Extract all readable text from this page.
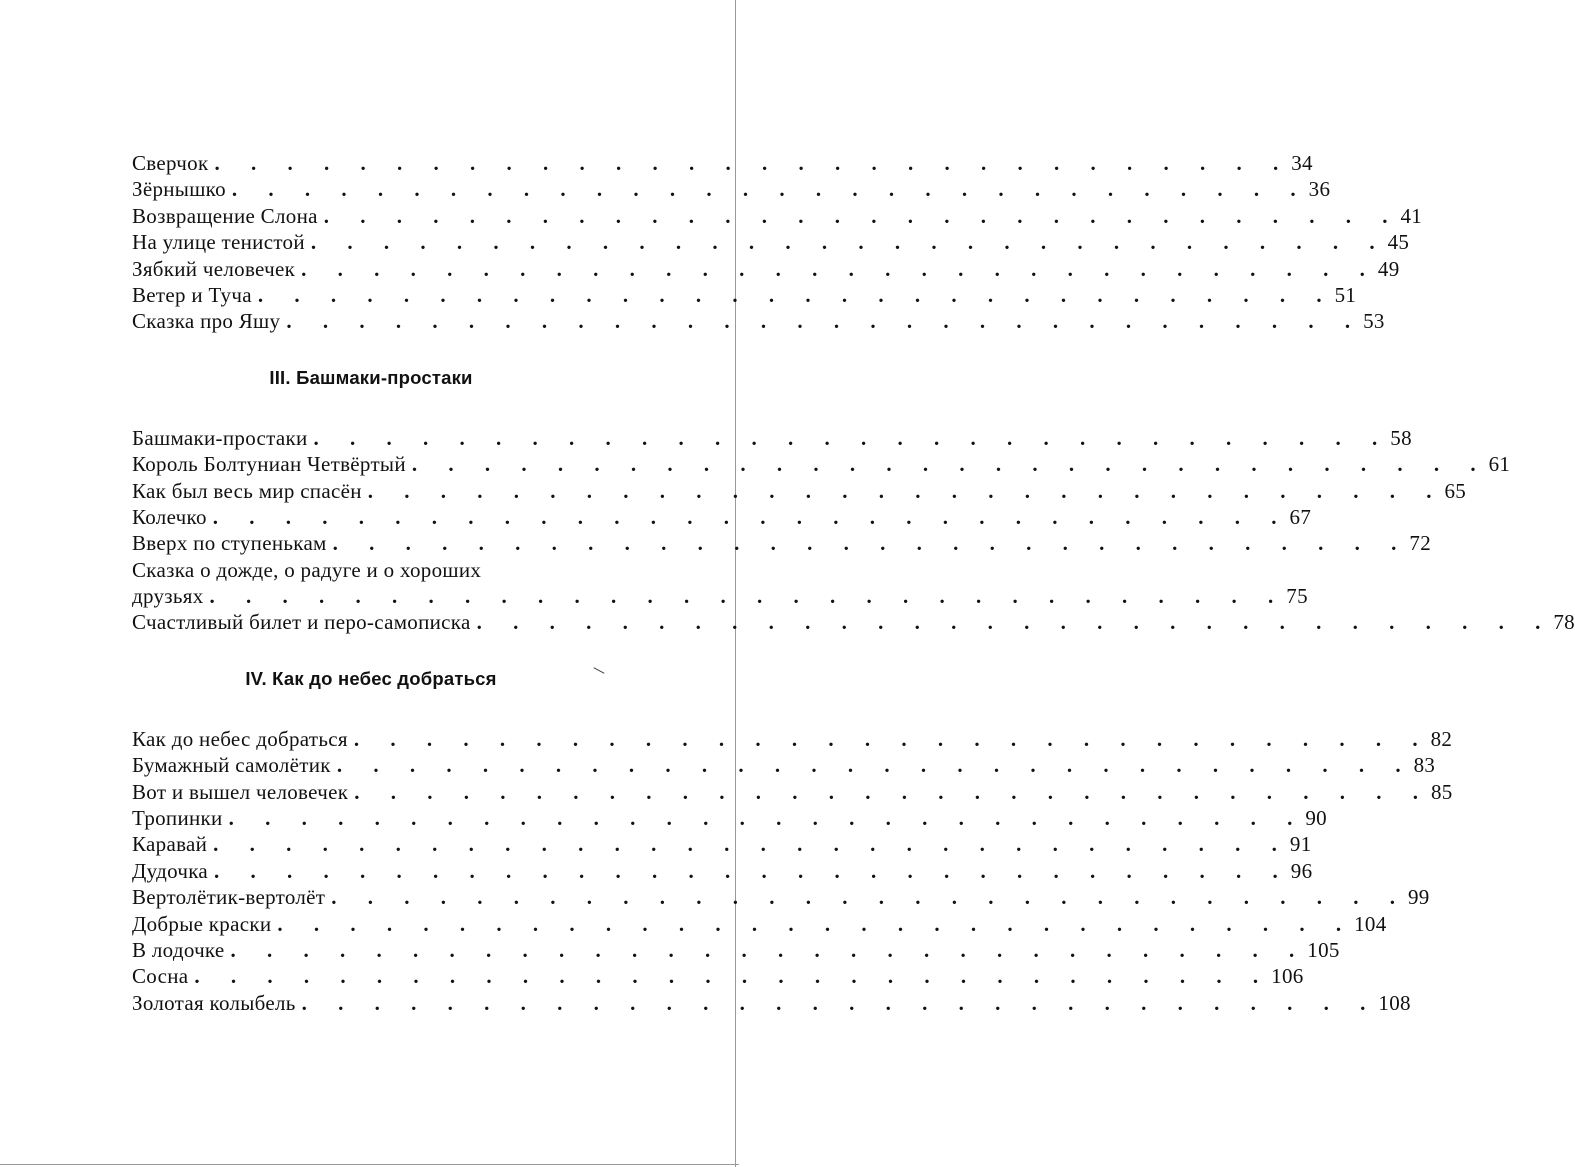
Сверчок . . . . . . . . . . . . . . . . . . . . . . . . . . . . . . 34
Зёрнышко . . . . . . . . . . . . . . . . . . . . . . . . . . . . . . 36
Возвращение Слона . . . . . . . . . . . . . . . . . . . . . . . . . . . . . . 41
На улице тенистой . . . . . . . . . . . . . . . . . . . . . . . . . . . . . . 45
Зябкий человечек . . . . . . . . . . . . . . . . . . . . . . . . . . . . . . 49
Ветер и Туча . . . . . . . . . . . . . . . . . . . . . . . . . . . . . . 51
Сказка про Яшу . . . . . . . . . . . . . . . . . . . . . . . . . . . . . . 53
III. Башмаки-простаки
Башмаки-простаки . . . . . . . . . . . . . . . . . . . . . . . . . . . . . . 58
Король Болтуниан Четвёртый . . . . . . . . . . . . . . . . . . . . . . . . . . . . . . 61
Как был весь мир спасён . . . . . . . . . . . . . . . . . . . . . . . . . . . . . . 65
Колечко . . . . . . . . . . . . . . . . . . . . . . . . . . . . . . 67
Вверх по ступенькам . . . . . . . . . . . . . . . . . . . . . . . . . . . . . . 72
Сказка о дожде, о радуге и о хороших
друзьях . . . . . . . . . . . . . . . . . . . . . . . . . . . . . . 75
Счастливый билет и перо-самописка . . . . . . . . . . . . . . . . . . . . . . . . . . . . . . 78
IV. Как до небес добраться
Как до небес добраться . . . . . . . . . . . . . . . . . . . . . . . . . . . . . . 82
Бумажный самолётик . . . . . . . . . . . . . . . . . . . . . . . . . . . . . . 83
Вот и вышел человечек . . . . . . . . . . . . . . . . . . . . . . . . . . . . . . 85
Тропинки . . . . . . . . . . . . . . . . . . . . . . . . . . . . . . 90
Каравай . . . . . . . . . . . . . . . . . . . . . . . . . . . . . . 91
Дудочка . . . . . . . . . . . . . . . . . . . . . . . . . . . . . . 96
Вертолётик-вертолёт . . . . . . . . . . . . . . . . . . . . . . . . . . . . . . 99
Добрые краски . . . . . . . . . . . . . . . . . . . . . . . . . . . . . . 104
В лодочке . . . . . . . . . . . . . . . . . . . . . . . . . . . . . . 105
Сосна . . . . . . . . . . . . . . . . . . . . . . . . . . . . . . 106
Золотая колыбель . . . . . . . . . . . . . . . . . . . . . . . . . . . . . . 108
